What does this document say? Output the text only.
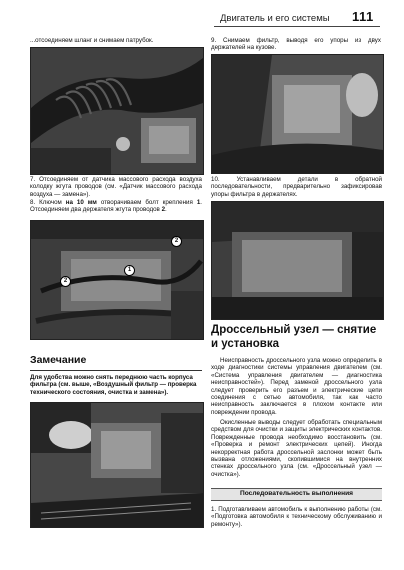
Двигатель и его системы 111
...отсоединяем шланг и снимаем патрубок.
7. Отсоединяем от датчика массового расхода воздуха колодку жгута проводов (см. «Датчик массового расхода воздуха — замена»).
8. Ключом на 10 мм отворачиваем болт крепления 1. Отсоединяем два держателя жгута проводов 2.
2
1
2
Замечание
Для удобства можно снять переднюю часть корпуса фильтра (см. выше, «Воздушный фильтр — проверка технического состояния, очистка и замена»).
9. Снимаем фильтр, выводя его упоры из двух держателей на кузове.
10. Устанавливаем детали в обратной последовательности, предварительно зафиксировав упоры фильтра в держателях.
Дроссельный узел — снятие и установка
Неисправность дроссельного узла можно определить в ходе диагностики системы управления двигателем (см. «Система управления двигателем — диагностика неисправностей»). Перед заменой дроссельного узла следует проверить его разъем и электрические цепи соединения с сетью автомобиля, так как часто неисправность заключается в плохом контакте или повреждении провода.
Окисленные выводы следует обработать специальным средством для очистки и защиты электрических контактов. Поврежденные провода необходимо восстановить (см. «Проверка и ремонт электрических цепей). Иногда некорректная работа дроссельной заслонки может быть вызвана отложениями, скопившимися на внутренних стенках дроссельного узла (см. «Дроссельный узел — очистка»).
Последовательность выполнения
1. Подготавливаем автомобиль к выполнению работы (см. «Подготовка автомобиля к техническому обслуживанию и ремонту»).
